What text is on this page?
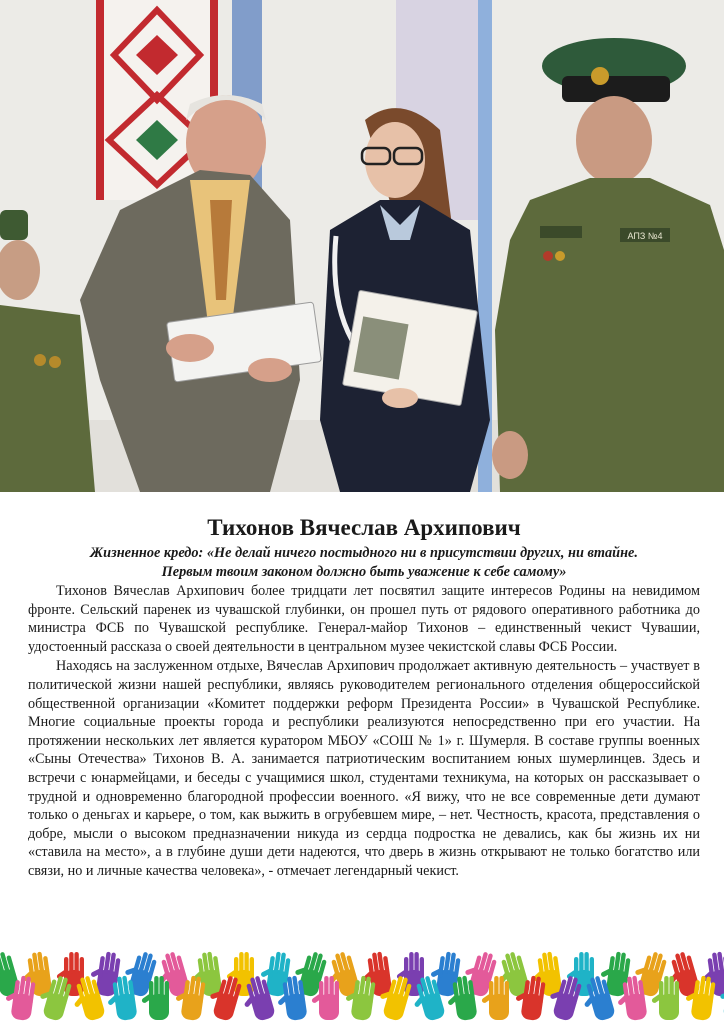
АПЗ №4
Тихонов Вячеслав Архипович

Жизненное кредо: «Не делай ничего постыдного ни в присутствии других, ни втайне.

Первым твоим законом должно быть уважение к себе самому»

Тихонов Вячеслав Архипович более тридцати лет посвятил защите интересов Родины на невидимом фронте. Сельский паренек из чувашской глубинки, он прошел путь от рядового оперативного работника до министра ФСБ по Чувашской республике. Генерал-майор Тихонов – единственный чекист Чувашии, удостоенный рассказа о своей деятельности в центральном музее чекистской славы ФСБ России.

Находясь на заслуженном отдыхе, Вячеслав Архипович продолжает активную деятельность – участвует в политической жизни нашей республики, являясь руководителем регионального отделения общероссийской общественной организации «Комитет поддержки реформ Президента России» в Чувашской Республике. Многие социальные проекты города и республики реализуются непосредственно при его участии. На протяжении нескольких лет является куратором МБОУ «СОШ № 1» г. Шумерля. В составе группы военных «Сыны Отечества» Тихонов В. А. занимается патриотическим воспитанием юных шумерлинцев. Здесь и встречи с юнармейцами, и беседы с учащимися школ, студентами техникума, на которых он рассказывает о трудной и одновременно благородной профессии военного. «Я вижу, что не все современные дети думают только о деньгах и карьере, о том, как выжить в огрубевшем мире, – нет. Честность, красота, представления о добре, мысли о высоком предназначении никуда из сердца подростка не девались, как бы жизнь их ни «ставила на место», а в глубине души дети надеются, что дверь в жизнь открывают не только богатство или связи, но и личные качества человека», - отмечает легендарный чекист.
